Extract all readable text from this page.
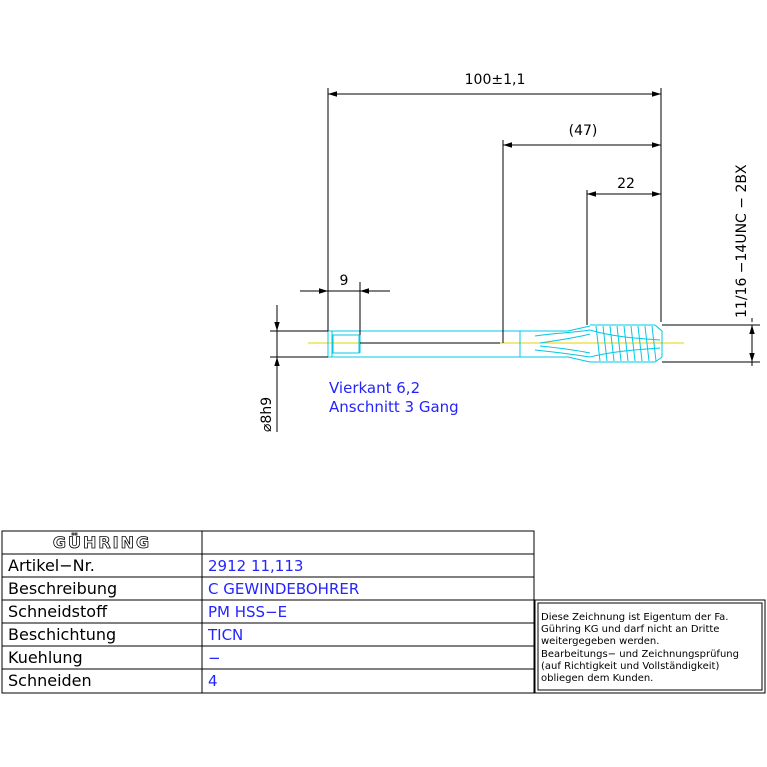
100±1,1
(47)
22
9
⌀8h9
11/16 −14UNC − 2BX
Vierkant 6,2
Anschnitt 3 Gang
GÜHRING
Artikel−Nr.	2912 11,113
Beschreibung	C GEWINDEBOHRER
Schneidstoff	PM HSS−E
Beschichtung	TICN
Kuehlung	−
Schneiden	4
Diese Zeichnung ist Eigentum der Fa.
Gühring KG und darf nicht an Dritte
weitergegeben werden.
Bearbeitungs− und Zeichnungsprüfung
(auf Richtigkeit und Vollständigkeit)
obliegen dem Kunden.
